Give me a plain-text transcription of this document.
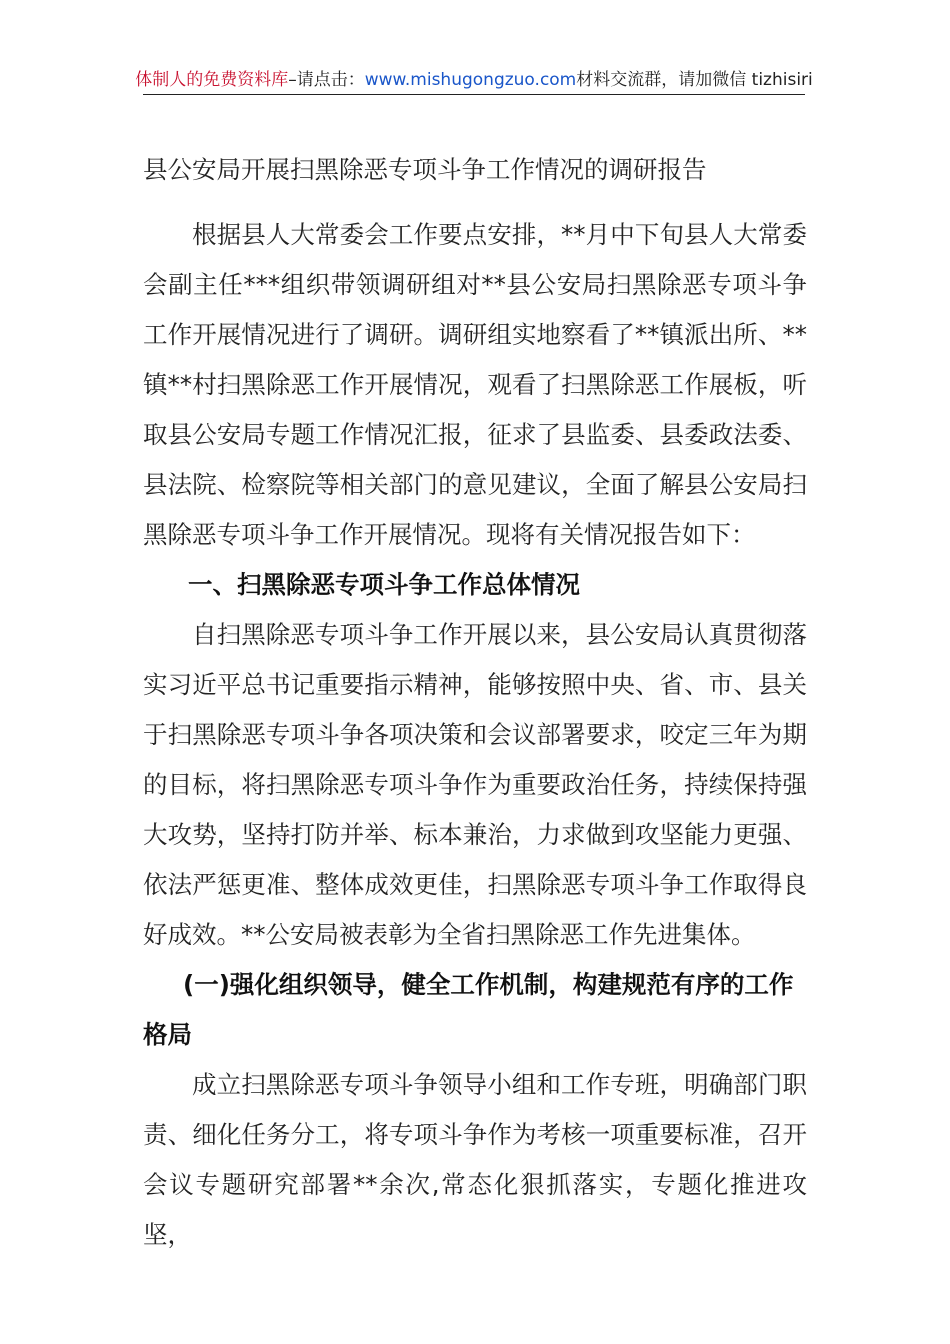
体制人的免费资料库 –请点击： www.mishugongzuo.com 材料交流群，请加微信 tizhisiri
县公安局开展扫黑除恶专项斗争工作情况的调研报告

根据县人大常委会工作要点安排，**月中下旬县人大常委会副主任***组织带领调研组对**县公安局扫黑除恶专项斗争工作开展情况进行了调研。调研组实地察看了**镇派出所、**镇**村扫黑除恶工作开展情况，观看了扫黑除恶工作展板，听取县公安局专题工作情况汇报，征求了县监委、县委政法委、县法院、检察院等相关部门的意见建议，全面了解县公安局扫黑除恶专项斗争工作开展情况。现将有关情况报告如下：

一、扫黑除恶专项斗争工作总体情况

自扫黑除恶专项斗争工作开展以来，县公安局认真贯彻落实习近平总书记重要指示精神，能够按照中央、省、市、县关于扫黑除恶专项斗争各项决策和会议部署要求，咬定三年为期的目标，将扫黑除恶专项斗争作为重要政治任务，持续保持强大攻势，坚持打防并举、标本兼治，力求做到攻坚能力更强、依法严惩更准、整体成效更佳，扫黑除恶专项斗争工作取得良好成效。**公安局被表彰为全省扫黑除恶工作先进集体。

(一)强化组织领导，健全工作机制，构建规范有序的工作格局

成立扫黑除恶专项斗争领导小组和工作专班，明确部门职责、细化任务分工，将专项斗争作为考核一项重要标准，召开会议专题研究部署**余次,常态化狠抓落实，专题化推进攻坚，
